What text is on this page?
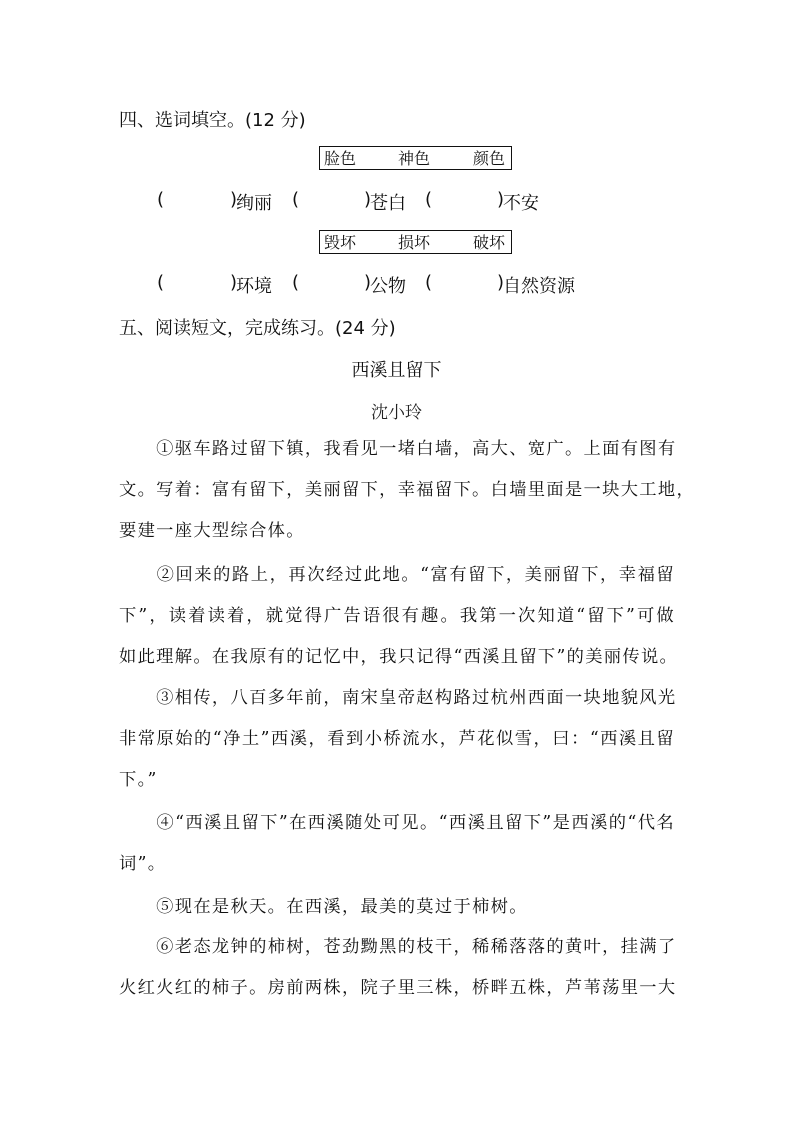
四、选词填空。(12 分)
脸色	神色	颜色
(	)
绚丽 (	)
苍白 (	)
不安
毁坏	损坏	破坏
(	)
环境 (	)
公物 (	)
自然资源
五、阅读短文，完成练习。(24 分)
西溪且留下
沈小玲
　　①驱车路过留下镇，我看见一堵白墙，高大、宽广。上面有图有
文。写着：富有留下，美丽留下，幸福留下。白墙里面是一块大工地，
要建一座大型综合体。
　　②回来的路上，再次经过此地。“富有留下，美丽留下，幸福留
下”，读着读着，就觉得广告语很有趣。我第一次知道“留下”可做
如此理解。在我原有的记忆中，我只记得“西溪且留下”的美丽传说。
　　③相传，八百多年前，南宋皇帝赵构路过杭州西面一块地貌风光
非常原始的“净土”西溪，看到小桥流水，芦花似雪，曰：“西溪且留
下。”
　　④“西溪且留下”在西溪随处可见。“西溪且留下”是西溪的“代名
词”。
　　⑤现在是秋天。在西溪，最美的莫过于柿树。
　　⑥老态龙钟的柿树，苍劲黝黑的枝干，稀稀落落的黄叶，挂满了
火红火红的柿子。房前两株，院子里三株，桥畔五株，芦苇荡里一大
